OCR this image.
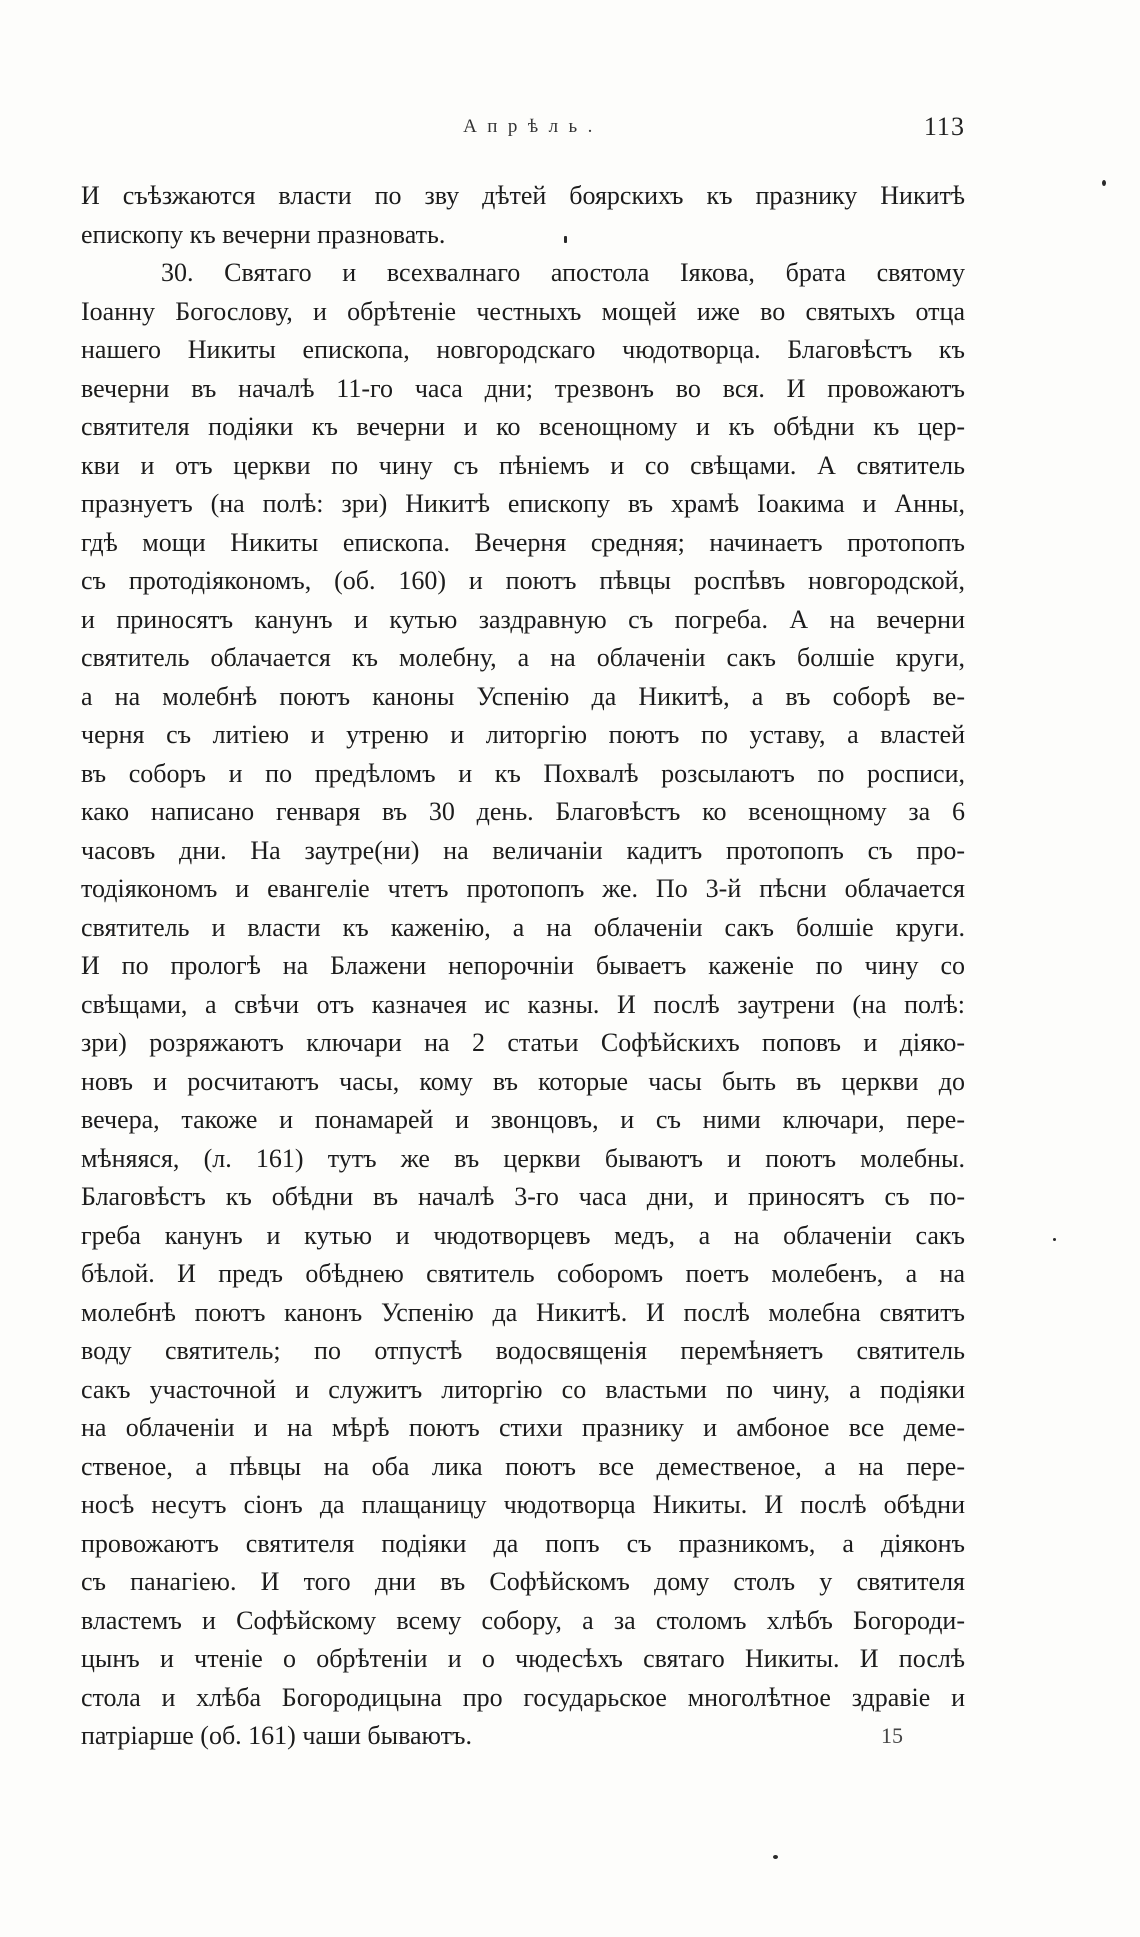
Апрѣль.	113
И съѣзжаются власти по зву дѣтей боярскихъ къ празнику Никитѣ
епископу къ вечерни празновать.
30. Святаго и всехвалнаго апостола Іякова, брата святому
Іоанну Богослову, и обрѣтеніе честныхъ мощей иже во святыхъ отца
нашего Никиты епископа, новгородскаго чюдотворца. Благовѣстъ къ
вечерни въ началѣ 11-го часа дни; трезвонъ во вся. И провожаютъ
святителя подіяки къ вечерни и ко всенощному и къ обѣдни къ цер-
кви и отъ церкви по чину съ пѣніемъ и со свѣщами. А святитель
празнуетъ (на полѣ: зри) Никитѣ епископу въ храмѣ Іоакима и Анны,
гдѣ мощи Никиты епископа. Вечерня средняя; начинаетъ протопопъ
съ протодіякономъ, (об. 160) и поютъ пѣвцы роспѣвъ новгородской,
и приносятъ канунъ и кутью заздравную съ погреба. А на вечерни
святитель облачается къ молебну, а на облаченіи сакъ болшіе круги,
а на молебнѣ поютъ каноны Успенію да Никитѣ, а въ соборѣ ве-
черня съ литіею и утреню и литоргію поютъ по уставу, а властей
въ соборъ и по предѣломъ и къ Похвалѣ розсылаютъ по росписи,
како написано генваря въ 30 день. Благовѣстъ ко всенощному за 6
часовъ дни. На заутре(ни) на величаніи кадитъ протопопъ съ про-
тодіякономъ и евангеліе чтетъ протопопъ же. По 3-й пѣсни облачается
святитель и власти къ каженію, а на облаченіи сакъ болшіе круги.
И по прологѣ на Блажени непорочніи бываетъ каженіе по чину со
свѣщами, а свѣчи отъ казначея ис казны. И послѣ заутрени (на полѣ:
зри) розряжаютъ ключари на 2 статьи Софѣйскихъ поповъ и діяко-
новъ и росчитаютъ часы, кому въ которые часы быть въ церкви до
вечера, такоже и понамарей и звонцовъ, и съ ними ключари, пере-
мѣняяся, (л. 161) тутъ же въ церкви бываютъ и поютъ молебны.
Благовѣстъ къ обѣдни въ началѣ 3-го часа дни, и приносятъ съ по-
греба канунъ и кутью и чюдотворцевъ медъ, а на облаченіи сакъ
бѣлой. И предъ обѣднею святитель соборомъ поетъ молебенъ, а на
молебнѣ поютъ канонъ Успенію да Никитѣ. И послѣ молебна святитъ
воду святитель; по отпустѣ водосвященія перемѣняетъ святитель
сакъ участочной и служитъ литоргію со властьми по чину, а подіяки
на облаченіи и на мѣрѣ поютъ стихи празнику и амбоное все деме-
ственое, а пѣвцы на оба лика поютъ все демественое, а на пере-
носѣ несутъ сіонъ да плащаницу чюдотворца Никиты. И послѣ обѣдни
провожаютъ святителя подіяки да попъ съ празникомъ, а діяконъ
съ панагіею. И того дни въ Софѣйскомъ дому столъ у святителя
властемъ и Софѣйскому всему собору, а за столомъ хлѣбъ Богороди-
цынъ и чтеніе о обрѣтеніи и о чюдесѣхъ святаго Никиты. И послѣ
стола и хлѣба Богородицына про государьское многолѣтное здравіе и
патріарше (об. 161) чаши бываютъ.	15
